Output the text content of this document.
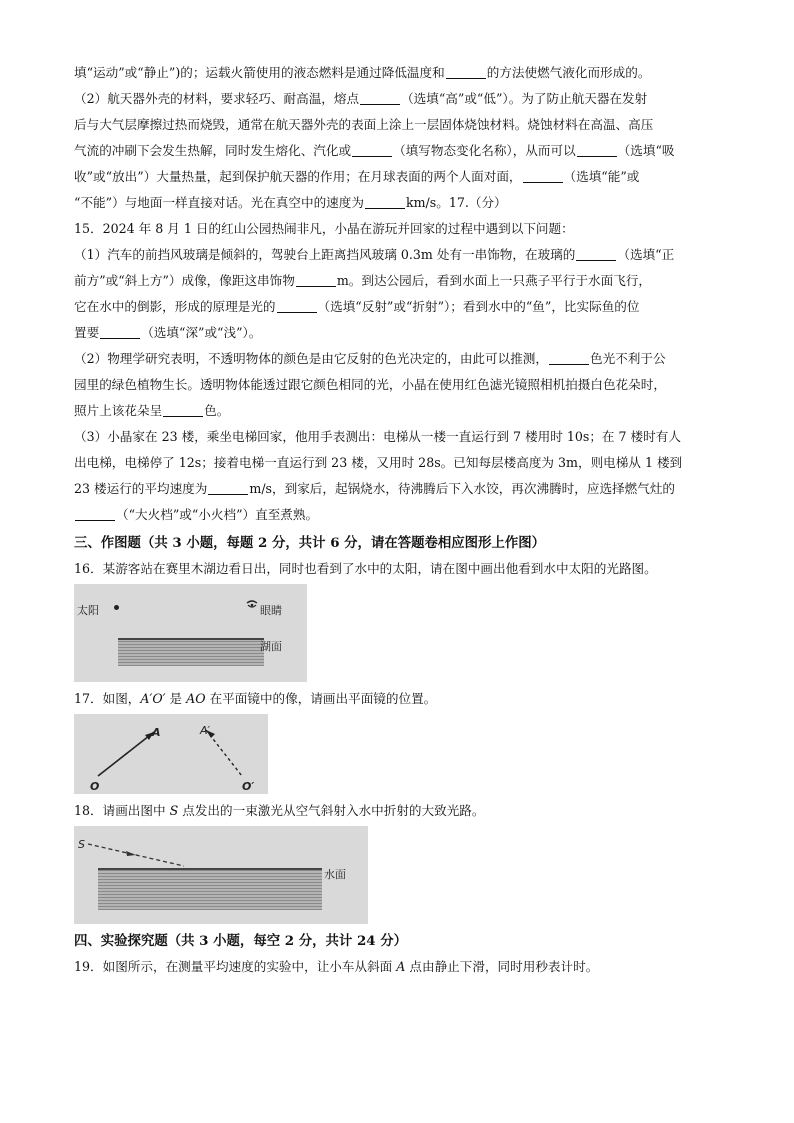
填“运动”或“静止”)的；运载火箭使用的液态燃料是通过降低温度和	的方法使燃气液化而形成的。

（2）航天器外壳的材料，要求轻巧、耐高温，熔点	（选填“高”或“低”）。为了防止航天器在发射
后与大气层摩擦过热而烧毁，通常在航天器外壳的表面上涂上一层固体烧蚀材料。烧蚀材料在高温、高压
气流的冲刷下会发生热解，同时发生熔化、汽化或	（填写物态变化名称），从而可以	（选填“吸
收”或“放出”）大量热量，起到保护航天器的作用；在月球表面的两个人面对面，	（选填“能”或
“不能”）与地面一样直接对话。光在真空中的速度为	km/s。17.（分）

15．2024 年 8 月 1 日的红山公园热闹非凡，小晶在游玩并回家的过程中遇到以下问题：

（1）汽车的前挡风玻璃是倾斜的，驾驶台上距离挡风玻璃 0.3m 处有一串饰物，在玻璃的	（选填“正
前方”或“斜上方”）成像，像距这串饰物	m。到达公园后，看到水面上一只燕子平行于水面飞行，
它在水中的倒影，形成的原理是光的	（选填“反射”或“折射”）；看到水中的“鱼”，比实际鱼的位
置要	（选填“深”或“浅”）。

（2）物理学研究表明，不透明物体的颜色是由它反射的色光决定的，由此可以推测，	色光不利于公
园里的绿色植物生长。透明物体能透过跟它颜色相同的光，小晶在使用红色滤光镜照相机拍摄白色花朵时，
照片上该花朵呈	色。

（3）小晶家在 23 楼，乘坐电梯回家，他用手表测出：电梯从一楼一直运行到 7 楼用时 10s；在 7 楼时有人
出电梯，电梯停了 12s；接着电梯一直运行到 23 楼，又用时 28s。已知每层楼高度为 3m，则电梯从 1 楼到
23 楼运行的平均速度为	m/s，到家后，起锅烧水，待沸腾后下入水饺，再次沸腾时，应选择燃气灶的
（“大火档”或“小火档”）直至煮熟。

三、作图题（共 3 小题，每题 2 分，共计 6 分，请在答题卷相应图形上作图）

16．某游客站在赛里木湖边看日出，同时也看到了水中的太阳，请在图中画出他看到水中太阳的光路图。

太阳	眼睛
湖面

17．如图，A′O′ 是 AO 在平面镜中的像，请画出平面镜的位置。

A	A′
O	O′

18．请画出图中 S 点发出的一束激光从空气斜射入水中折射的大致光路。

S
水面

四、实验探究题（共 3 小题，每空 2 分，共计 24 分）

19．如图所示，在测量平均速度的实验中，让小车从斜面 A 点由静止下滑，同时用秒表计时。
